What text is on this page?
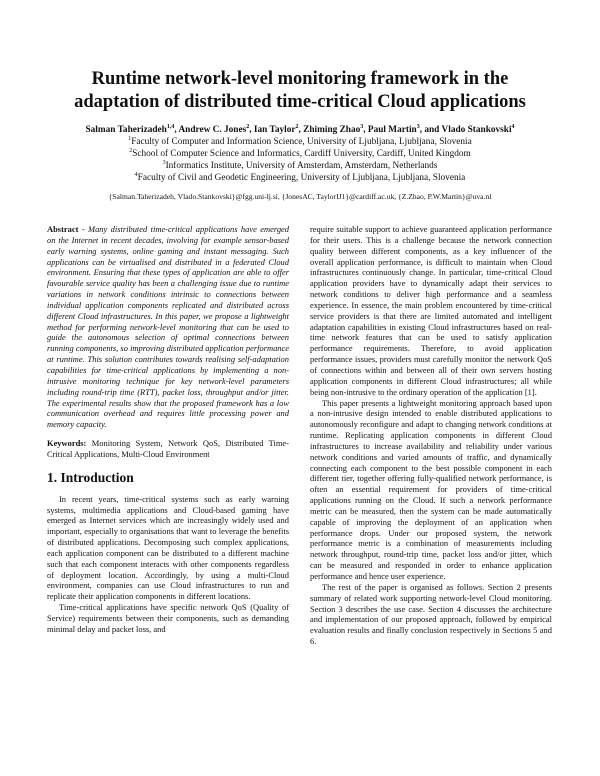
Runtime network-level monitoring framework in the
adaptation of distributed time-critical Cloud applications
Salman Taherizadeh$^{1,4}$, Andrew C. Jones$^2$, Ian Taylor$^2$, Zhiming Zhao$^3$, Paul Martin$^3$, and Vlado Stankovski$^4$
$^1$Faculty of Computer and Information Science, University of Ljubljana, Ljubljana, Slovenia
$^2$School of Computer Science and Informatics, Cardiff University, Cardiff, United Kingdom
$^3$Informatics Institute, University of Amsterdam, Amsterdam, Netherlands
$^4$Faculty of Civil and Geodetic Engineering, University of Ljubljana, Ljubljana, Slovenia
{Salman.Taherizadeh, Vlado.Stankovski}@fgg.uni-lj.si, {JonesAC, TaylorIJ1}@cardiff.ac.uk, {Z.Zhao, P.W.Martin}@uva.nl

Abstract - Many distributed time-critical applications have emerged on the Internet in recent decades, involving for example sensor-based early warning systems, online gaming and instant messaging. Such applications can be virtualised and distributed in a federated Cloud environment. Ensuring that these types of application are able to offer favourable service quality has been a challenging issue due to runtime variations in network conditions intrinsic to connections between individual application components replicated and distributed across different Cloud infrastructures. In this paper, we propose a lightweight method for performing network-level monitoring that can be used to guide the autonomous selection of optimal connections between running components, so improving distributed application performance at runtime. This solution contributes towards realising self-adaptation capabilities for time-critical applications by implementing a non-intrusive monitoring technique for key network-level parameters including round-trip time (RTT), packet loss, throughput and/or jitter. The experimental results show that the proposed framework has a low communication overhead and requires little processing power and memory capacity.

Keywords: Monitoring System, Network QoS, Distributed Time-Critical Applications, Multi-Cloud Environment

1. Introduction

In recent years, time-critical systems such as early warning systems, multimedia applications and Cloud-based gaming have emerged as Internet services which are increasingly widely used and important, especially to organisations that want to leverage the benefits of distributed applications. Decomposing such complex applications, each application component can be distributed to a different machine such that each component interacts with other components regardless of deployment location. Accordingly, by using a multi-Cloud environment, companies can use Cloud infrastructures to run and replicate their application components in different locations.

Time-critical applications have specific network QoS (Quality of Service) requirements between their components, such as demanding minimal delay and packet loss, and

require suitable support to achieve guaranteed application performance for their users. This is a challenge because the network connection quality between different components, as a key influencer of the overall application performance, is difficult to maintain when Cloud infrastructures continuously change. In particular, time-critical Cloud application providers have to dynamically adapt their services to network conditions to deliver high performance and a seamless experience. In essence, the main problem encountered by time-critical service providers is that there are limited automated and intelligent adaptation capabilities in existing Cloud infrastructures based on real-time network features that can be used to satisfy application performance requirements. Therefore, to avoid application performance issues, providers must carefully monitor the network QoS of connections within and between all of their own servers hosting application components in different Cloud infrastructures; all while being non-intrusive to the ordinary operation of the application [1].

This paper presents a lightweight monitoring approach based upon a non-intrusive design intended to enable distributed applications to autonomously reconfigure and adapt to changing network conditions at runtime. Replicating application components in different Cloud infrastructures to increase availability and reliability under various network conditions and varied amounts of traffic, and dynamically connecting each component to the best possible component in each different tier, together offering fully-qualified network performance, is often an essential requirement for providers of time-critical applications running on the Cloud. If such a network performance metric can be measured, then the system can be made automatically capable of improving the deployment of an application when performance drops. Under our proposed system, the network performance metric is a combination of measurements including network throughput, round-trip time, packet loss and/or jitter, which can be measured and responded in order to enhance application performance and hence user experience.

The rest of the paper is organised as follows. Section 2 presents summary of related work supporting network-level Cloud monitoring. Section 3 describes the use case. Section 4 discusses the architecture and implementation of our proposed approach, followed by empirical evaluation results and finally conclusion respectively in Sections 5 and 6.
